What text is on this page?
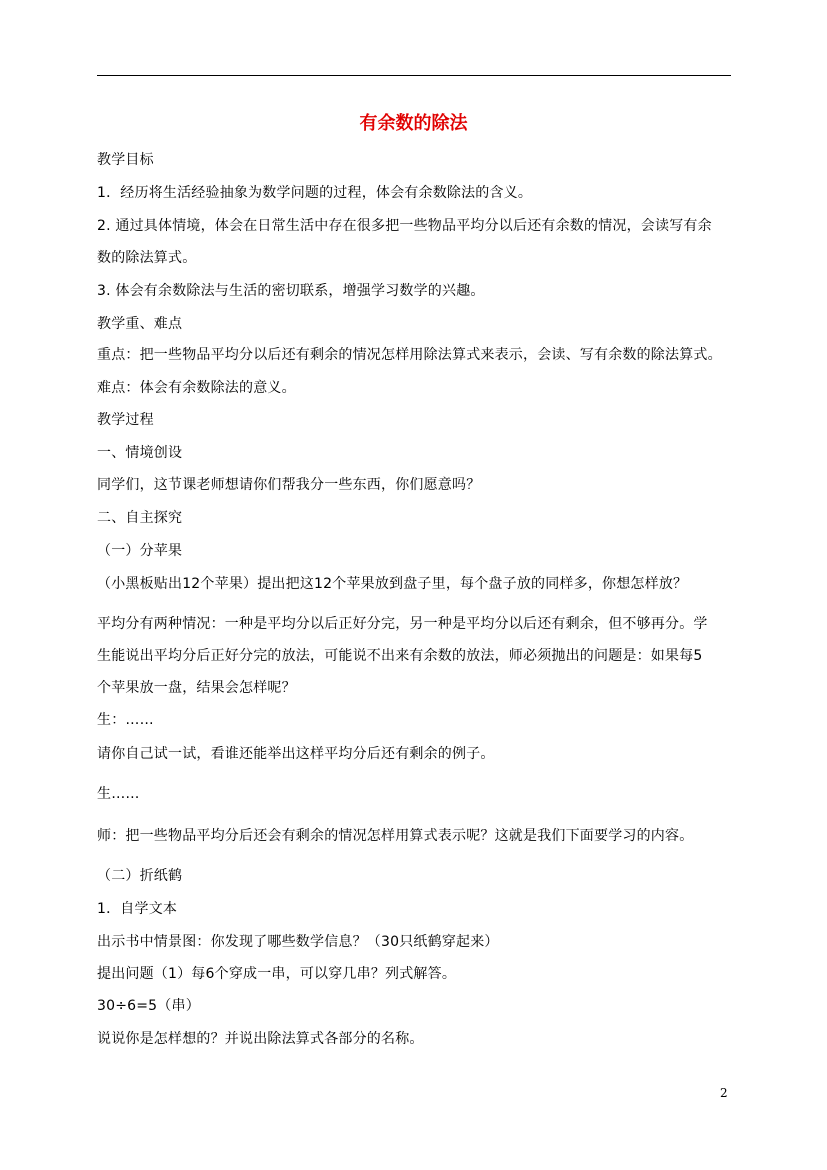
有余数的除法
教学目标
1．经历将生活经验抽象为数学问题的过程，体会有余数除法的含义。
2. 通过具体情境，体会在日常生活中存在很多把一些物品平均分以后还有余数的情况，会读写有余
数的除法算式。
3. 体会有余数除法与生活的密切联系，增强学习数学的兴趣。
教学重、难点
重点：把一些物品平均分以后还有剩余的情况怎样用除法算式来表示，会读、写有余数的除法算式。
难点：体会有余数除法的意义。
教学过程
一、情境创设
同学们，这节课老师想请你们帮我分一些东西，你们愿意吗？
二、自主探究
（一）分苹果
（小黑板贴出12个苹果）提出把这12个苹果放到盘子里，每个盘子放的同样多，你想怎样放？
平均分有两种情况：一种是平均分以后正好分完，另一种是平均分以后还有剩余，但不够再分。学
生能说出平均分后正好分完的放法，可能说不出来有余数的放法，师必须抛出的问题是：如果每5
个苹果放一盘，结果会怎样呢？
生：……
请你自己试一试，看谁还能举出这样平均分后还有剩余的例子。
生……
师：把一些物品平均分后还会有剩余的情况怎样用算式表示呢？这就是我们下面要学习的内容。
（二）折纸鹤
1．自学文本
出示书中情景图：你发现了哪些数学信息？（30只纸鹤穿起来）
提出问题（1）每6个穿成一串，可以穿几串？列式解答。
30÷6=5（串）
说说你是怎样想的？并说出除法算式各部分的名称。
2
